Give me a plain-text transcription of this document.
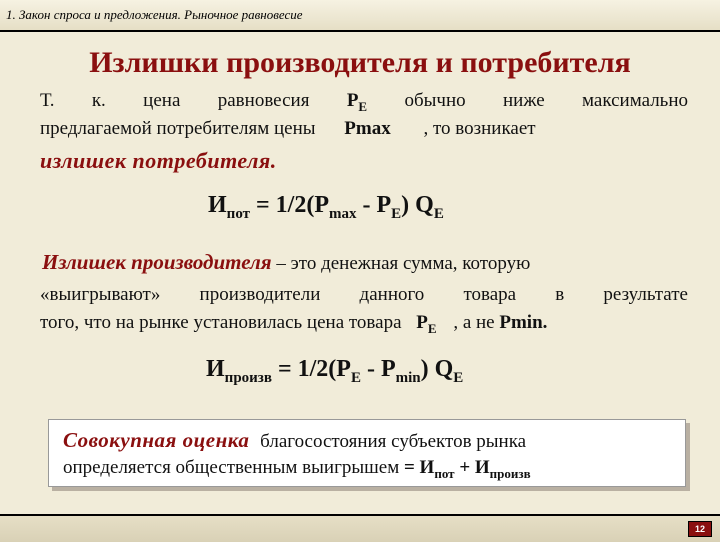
1. Закон спроса и предложения. Рыночное равновесие
Излишки производителя и потребителя
Т. к. цена равновесия $P_E$ обычно ниже максимально
предлагаемой потребителям цены Pmax , то возникает
излишек потребителя.
$И_{пот} = 1/2(P_{max} - P_E)$ $Q_E$
Излишек производителя – это денежная сумма, которую
«выигрывают» производители данного товара в результате
того, что на рынке установилась цена товара $P_E$ , а не Pmin.
$И_{произв} = 1/2(P_E - P_{min})$ $Q_E$
Совокупная оценка благосостояния субъектов рынка
определяется общественным выигрышем = $И_{пот} + И_{произв}$
12
